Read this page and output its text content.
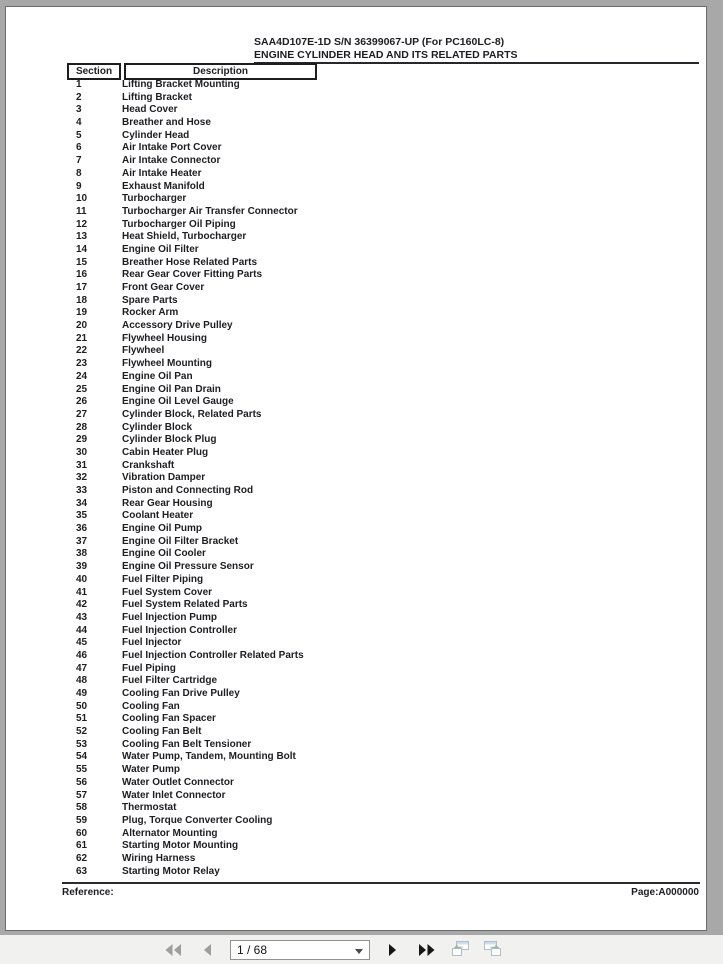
SAA4D107E-1D S/N 36399067-UP (For PC160LC-8)
ENGINE CYLINDER HEAD AND ITS RELATED PARTS
Section	Description
1	Lifting Bracket Mounting
2	Lifting Bracket
3	Head Cover
4	Breather and Hose
5	Cylinder Head
6	Air Intake Port Cover
7	Air Intake Connector
8	Air Intake Heater
9	Exhaust Manifold
10	Turbocharger
11	Turbocharger Air Transfer Connector
12	Turbocharger Oil Piping
13	Heat Shield, Turbocharger
14	Engine Oil Filter
15	Breather Hose Related Parts
16	Rear Gear Cover Fitting Parts
17	Front Gear Cover
18	Spare Parts
19	Rocker Arm
20	Accessory Drive Pulley
21	Flywheel Housing
22	Flywheel
23	Flywheel Mounting
24	Engine Oil Pan
25	Engine Oil Pan Drain
26	Engine Oil Level Gauge
27	Cylinder Block, Related Parts
28	Cylinder Block
29	Cylinder Block Plug
30	Cabin Heater Plug
31	Crankshaft
32	Vibration Damper
33	Piston and Connecting Rod
34	Rear Gear Housing
35	Coolant Heater
36	Engine Oil Pump
37	Engine Oil Filter Bracket
38	Engine Oil Cooler
39	Engine Oil Pressure Sensor
40	Fuel Filter Piping
41	Fuel System Cover
42	Fuel System Related Parts
43	Fuel Injection Pump
44	Fuel Injection Controller
45	Fuel Injector
46	Fuel Injection Controller Related Parts
47	Fuel Piping
48	Fuel Filter Cartridge
49	Cooling Fan Drive Pulley
50	Cooling Fan
51	Cooling Fan Spacer
52	Cooling Fan Belt
53	Cooling Fan Belt Tensioner
54	Water Pump, Tandem, Mounting Bolt
55	Water Pump
56	Water Outlet Connector
57	Water Inlet Connector
58	Thermostat
59	Plug, Torque Converter Cooling
60	Alternator Mounting
61	Starting Motor Mounting
62	Wiring Harness
63	Starting Motor Relay
Reference:	Page:A000000
1 / 68
